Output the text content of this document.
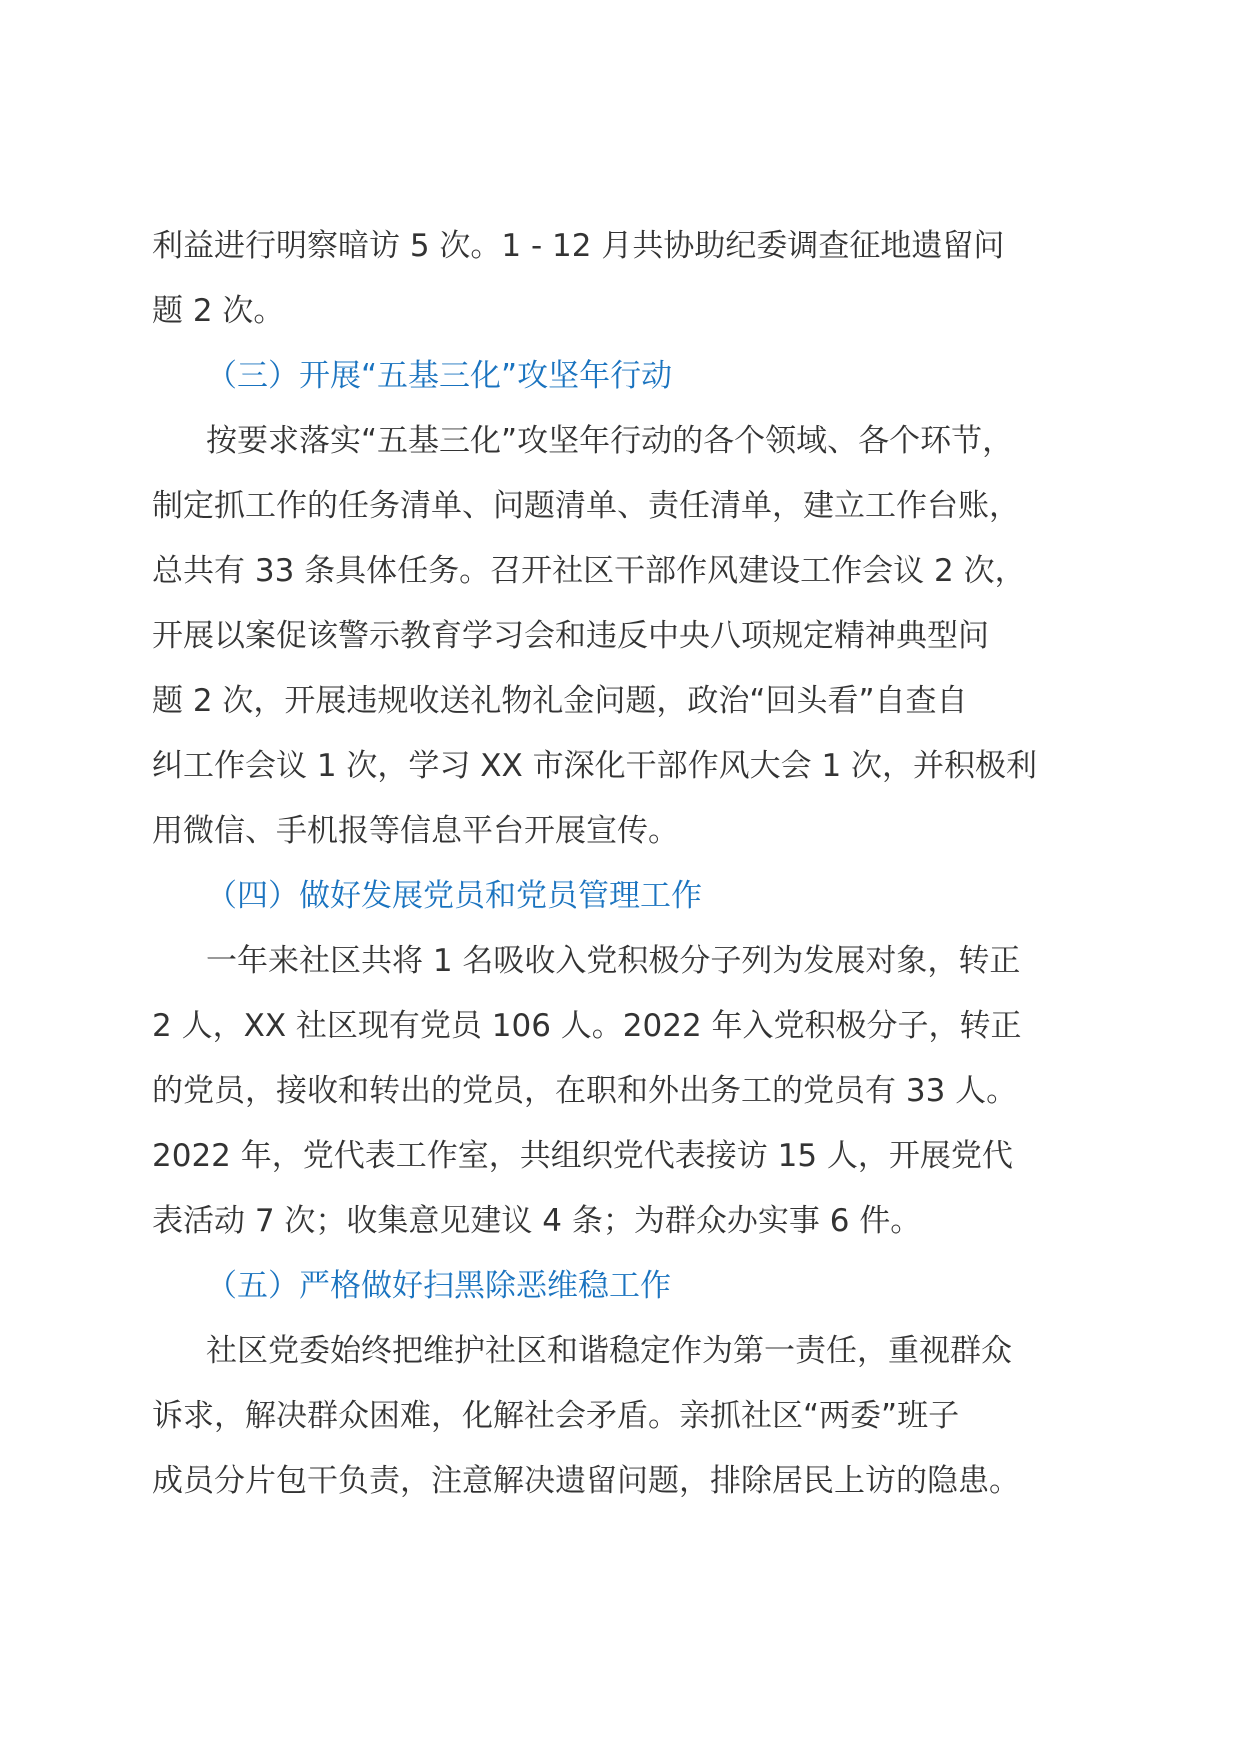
利益进行明察暗访 5 次。1 - 12 月共协助纪委调查征地遗留问
题 2 次。
（三）开展“五基三化”攻坚年行动
按要求落实“五基三化”攻坚年行动的各个领域、各个环节，
制定抓工作的任务清单、问题清单、责任清单，建立工作台账，
总共有 33 条具体任务。召开社区干部作风建设工作会议 2 次，
开展以案促该警示教育学习会和违反中央八项规定精神典型问
题 2 次，开展违规收送礼物礼金问题，政治“回头看”自查自
纠工作会议 1 次，学习 XX 市深化干部作风大会 1 次，并积极利
用微信、手机报等信息平台开展宣传。
（四）做好发展党员和党员管理工作
一年来社区共将 1 名吸收入党积极分子列为发展对象，转正
2 人，XX 社区现有党员 106 人。2022 年入党积极分子，转正
的党员，接收和转出的党员，在职和外出务工的党员有 33 人。
2022 年，党代表工作室，共组织党代表接访 15 人，开展党代
表活动 7 次；收集意见建议 4 条；为群众办实事 6 件。
（五）严格做好扫黑除恶维稳工作
社区党委始终把维护社区和谐稳定作为第一责任，重视群众
诉求，解决群众困难，化解社会矛盾。亲抓社区“两委”班子
成员分片包干负责，注意解决遗留问题，排除居民上访的隐患。
